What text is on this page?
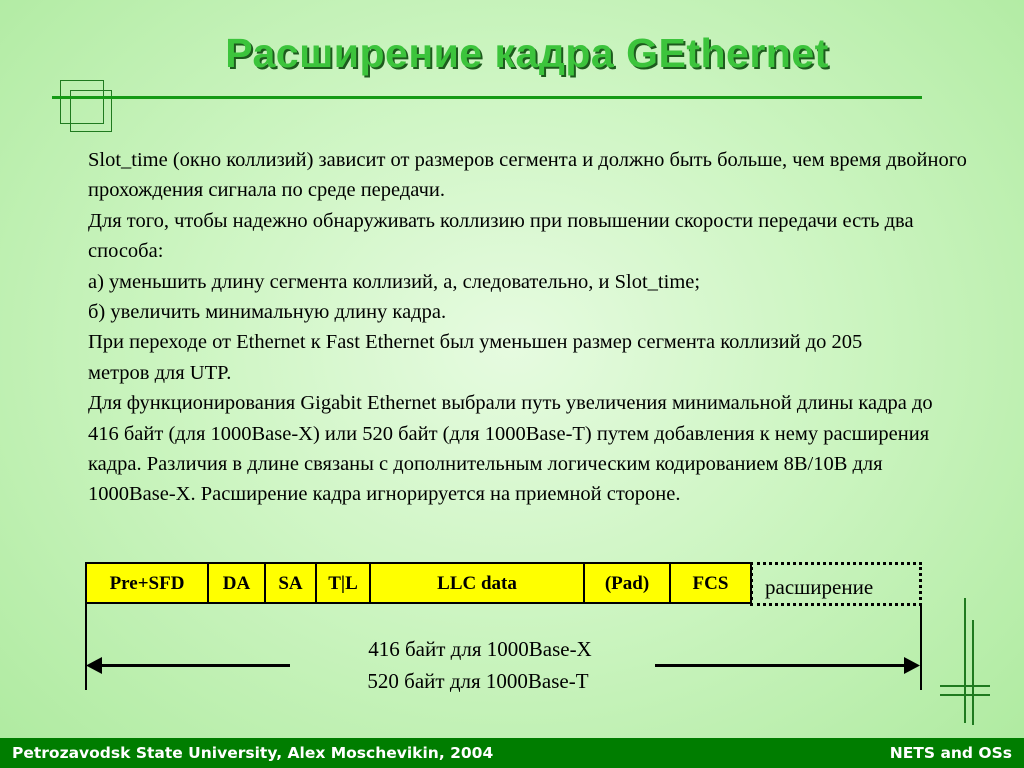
Расширение кадра GEthernet

Slot_time (окно коллизий) зависит от размеров сегмента и должно быть больше, чем время двойного прохождения сигнала по среде передачи.

Для того, чтобы надежно обнаруживать коллизию при повышении скорости передачи есть два способа:

а) уменьшить длину сегмента коллизий, а, следовательно, и Slot_time;

б) увеличить минимальную длину кадра.

При переходе от Ethernet к Fast Ethernet был уменьшен размер сегмента коллизий до 205 метров для UTP.

Для функционирования Gigabit Ethernet выбрали путь увеличения минимальной длины кадра до 416 байт (для 1000Base-X) или 520 байт (для 1000Base-T) путем добавления к нему расширения кадра. Различия в длине связаны с дополнительным логическим кодированием 8B/10B для 1000Base-X. Расширение кадра игнорируется на приемной стороне.

Pre+SFD	DA	SA	T|L	LLC data	(Pad)	FCS	расширение
416 байт для 1000Base-X
520 байт для 1000Base-T
Petrozavodsk State University, Alex Moschevikin, 2004	NETS and OSs
